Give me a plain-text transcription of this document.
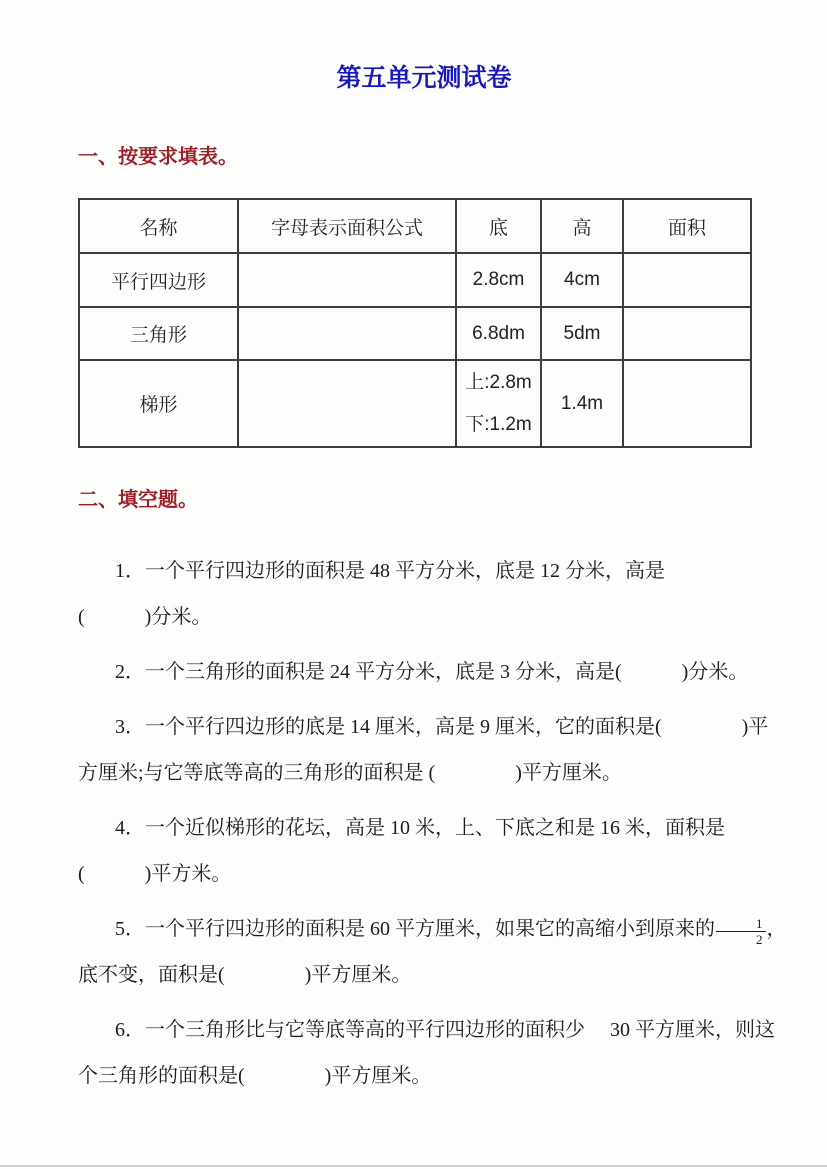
第五单元测试卷
一、按要求填表。
名称	字母表示面积公式	底	高	面积
平行四边形		2.8cm	4cm	
三角形		6.8dm	5dm	
梯形		上:2.8m
下:1.2m	1.4m	
二、填空题。
1．一个平行四边形的面积是 48 平方分米，底是 12 分米，高是
(　　　)分米。
2．一个三角形的面积是 24 平方分米，底是 3 分米，高是(　　　)分米。
3．一个平行四边形的底是 14 厘米，高是 9 厘米，它的面积是(　　　　)平
方厘米;与它等底等高的三角形的面积是 (　　　　)平方厘米。
4．一个近似梯形的花坛，高是 10 米，上、下底之和是 16 米，面积是
(　　　)平方米。
5．一个平行四边形的面积是 60 平方厘米，如果它的高缩小到原来的 $\frac{1}{2}$ ，
底不变，面积是(　　　　)平方厘米。
6．一个三角形比与它等底等高的平行四边形的面积少　 30 平方厘米，则这
个三角形的面积是(　　　　)平方厘米。
